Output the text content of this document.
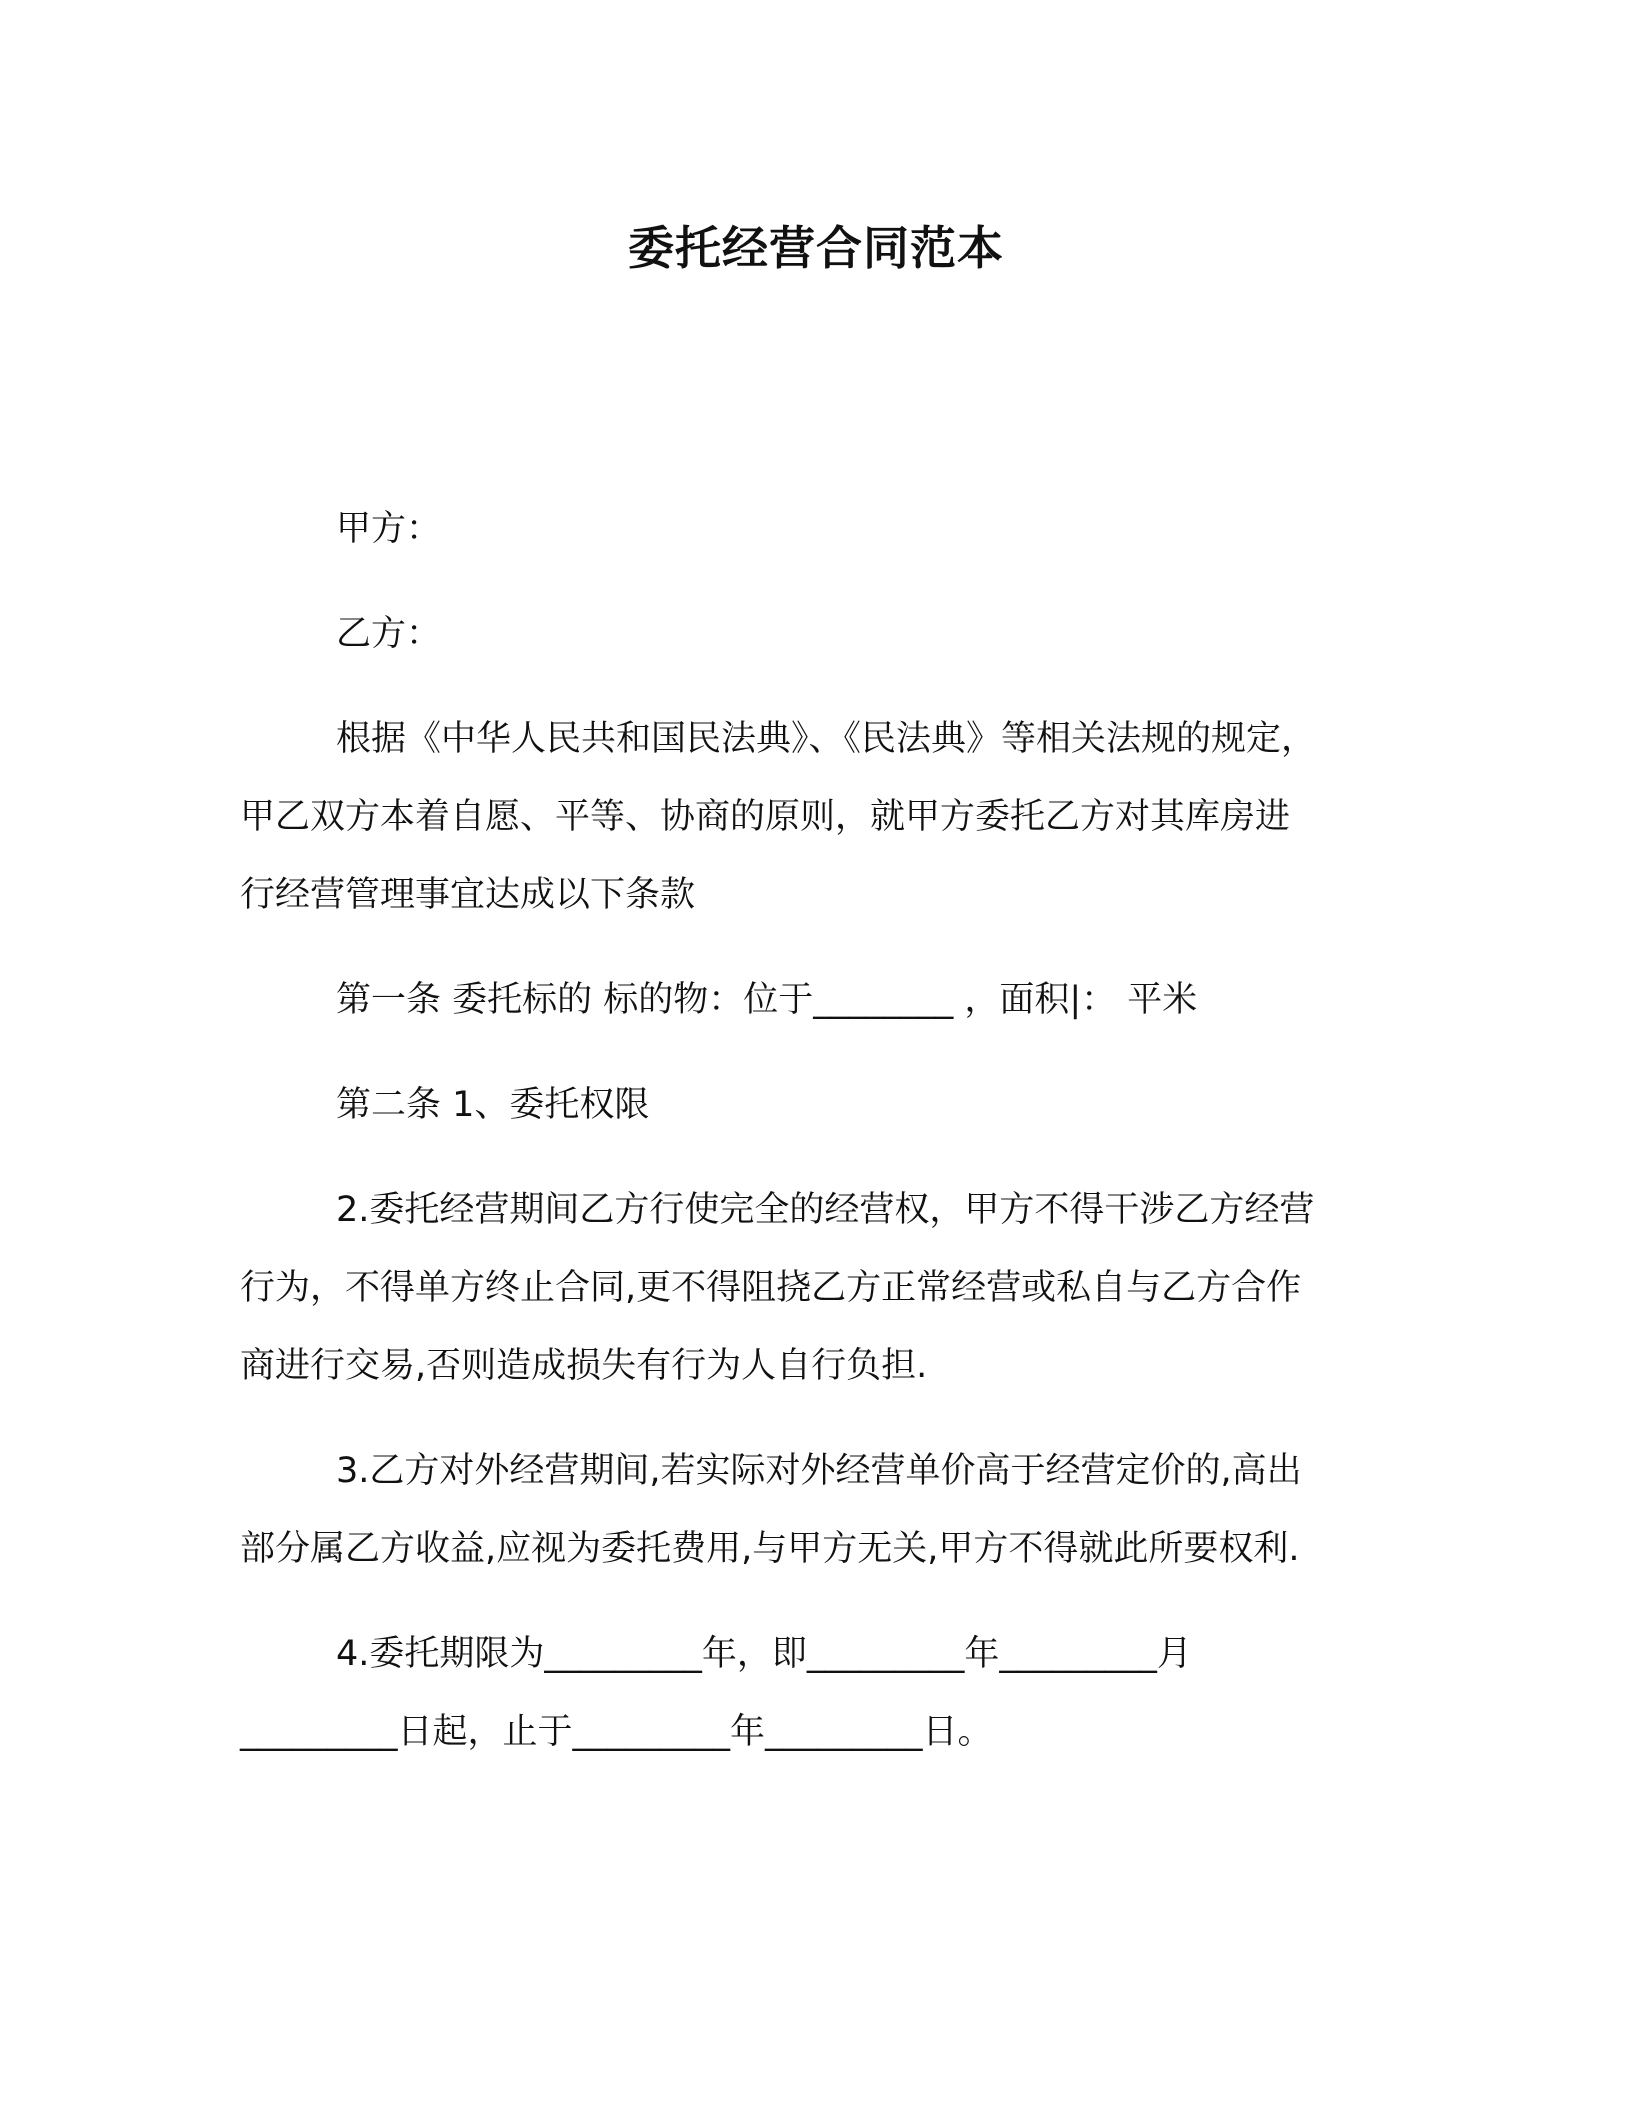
委托经营合同范本

甲方：

乙方：

根据《中华人民共和国民法典》、《民法典》等相关法规的规定，
甲乙双方本着自愿、平等、协商的原则，就甲方委托乙方对其库房进
行经营管理事宜达成以下条款

第一条 委托标的 标的物：位于________ ，面积|： 平米

第二条 1、委托权限

2.委托经营期间乙方行使完全的经营权，甲方不得干涉乙方经营
行为，不得单方终止合同,更不得阻挠乙方正常经营或私自与乙方合作
商进行交易,否则造成损失有行为人自行负担.

3.乙方对外经营期间,若实际对外经营单价高于经营定价的,高出
部分属乙方收益,应视为委托费用,与甲方无关,甲方不得就此所要权利.

4.委托期限为_________年，即_________年_________月
_________日起，止于_________年_________日。
